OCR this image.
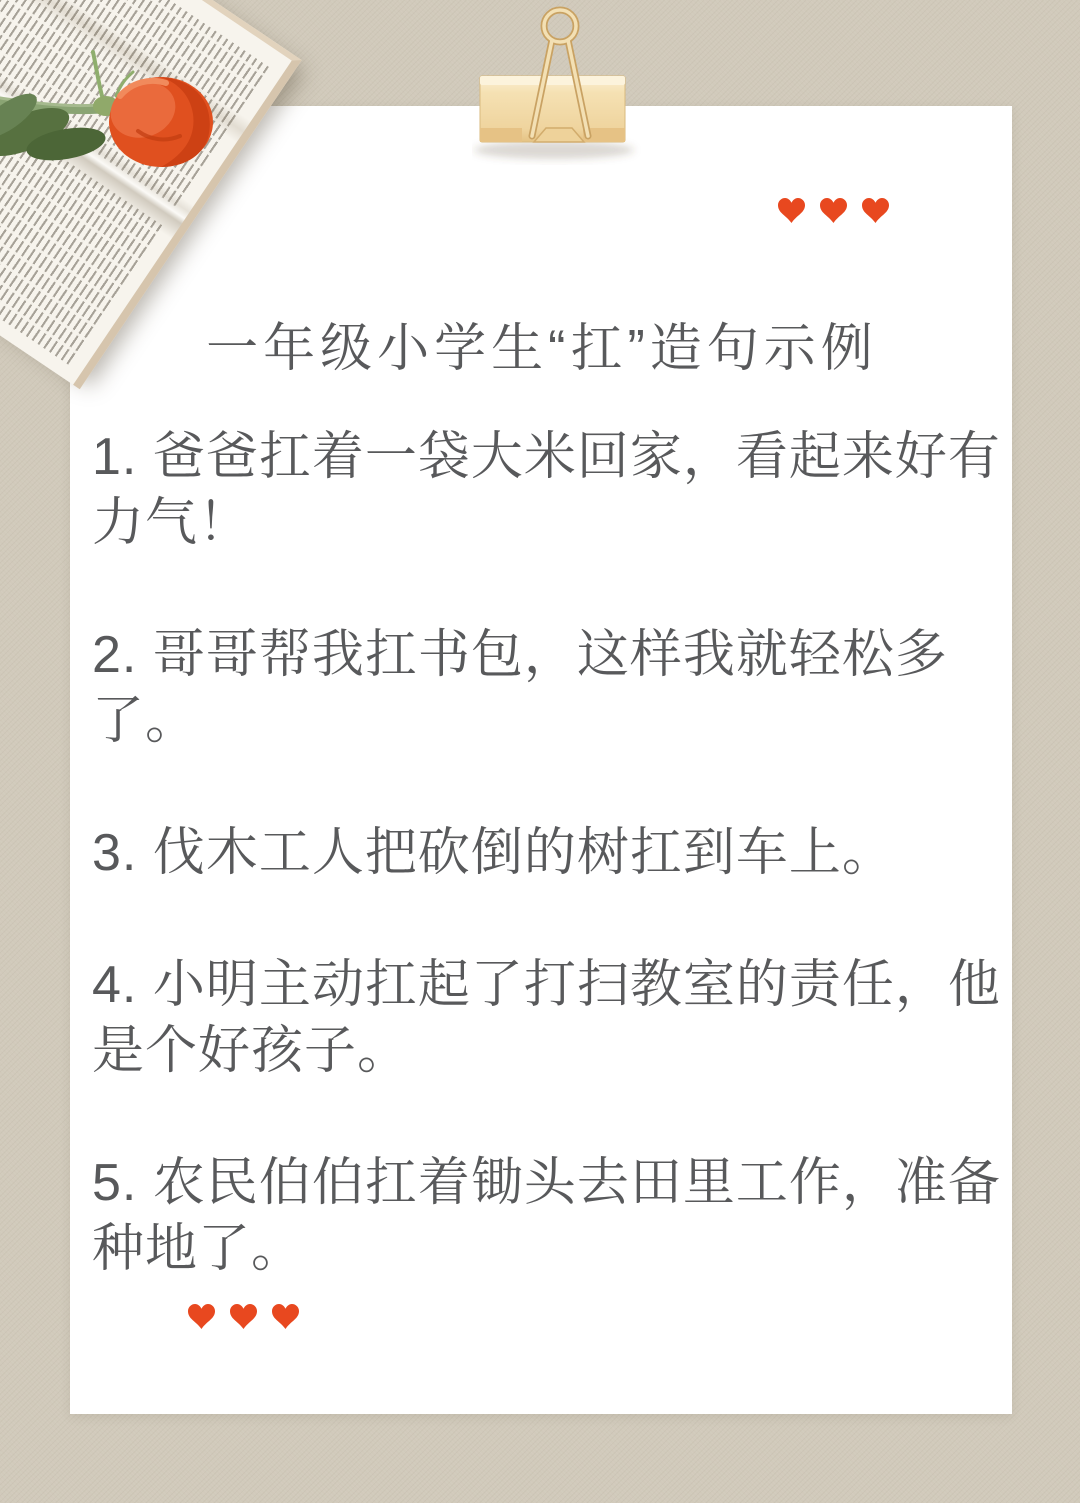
一年级小学生“扛”造句示例

1. 爸爸扛着一袋大米回家，看起来好有力气！

2. 哥哥帮我扛书包，这样我就轻松多了。

3. 伐木工人把砍倒的树扛到车上。

4. 小明主动扛起了打扫教室的责任，他是个好孩子。

5. 农民伯伯扛着锄头去田里工作，准备种地了。
